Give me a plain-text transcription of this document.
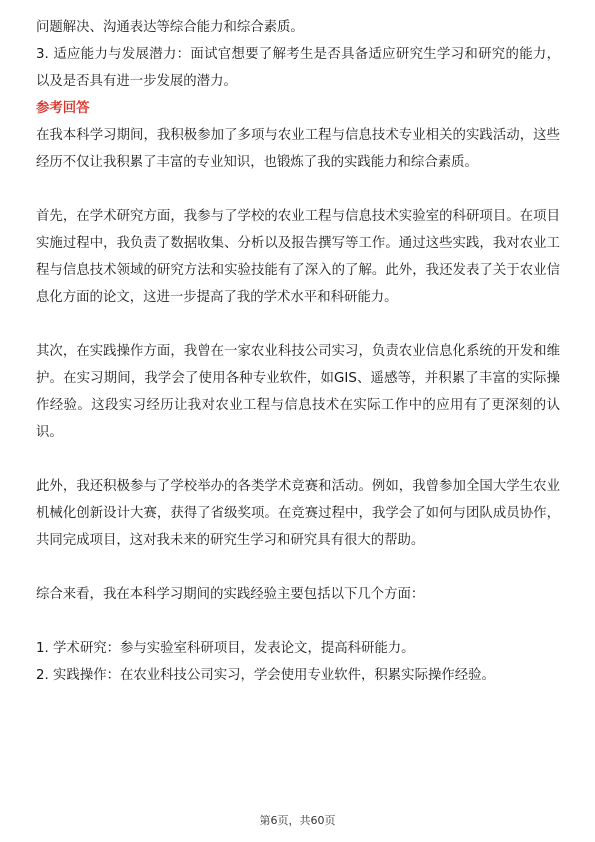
问题解决、沟通表达等综合能力和综合素质。

3. 适应能力与发展潜力：面试官想要了解考生是否具备适应研究生学习和研究的能力，以及是否具有进一步发展的潜力。

参考回答

在我本科学习期间，我积极参加了多项与农业工程与信息技术专业相关的实践活动，这些经历不仅让我积累了丰富的专业知识，也锻炼了我的实践能力和综合素质。

首先，在学术研究方面，我参与了学校的农业工程与信息技术实验室的科研项目。在项目实施过程中，我负责了数据收集、分析以及报告撰写等工作。通过这些实践，我对农业工程与信息技术领域的研究方法和实验技能有了深入的了解。此外，我还发表了关于农业信息化方面的论文，这进一步提高了我的学术水平和科研能力。

其次，在实践操作方面，我曾在一家农业科技公司实习，负责农业信息化系统的开发和维护。在实习期间，我学会了使用各种专业软件，如GIS、遥感等，并积累了丰富的实际操作经验。这段实习经历让我对农业工程与信息技术在实际工作中的应用有了更深刻的认识。

此外，我还积极参与了学校举办的各类学术竞赛和活动。例如，我曾参加全国大学生农业机械化创新设计大赛，获得了省级奖项。在竞赛过程中，我学会了如何与团队成员协作，共同完成项目，这对我未来的研究生学习和研究具有很大的帮助。

综合来看，我在本科学习期间的实践经验主要包括以下几个方面：

1. 学术研究：参与实验室科研项目，发表论文，提高科研能力。

2. 实践操作：在农业科技公司实习，学会使用专业软件，积累实际操作经验。

第6页，共60页
